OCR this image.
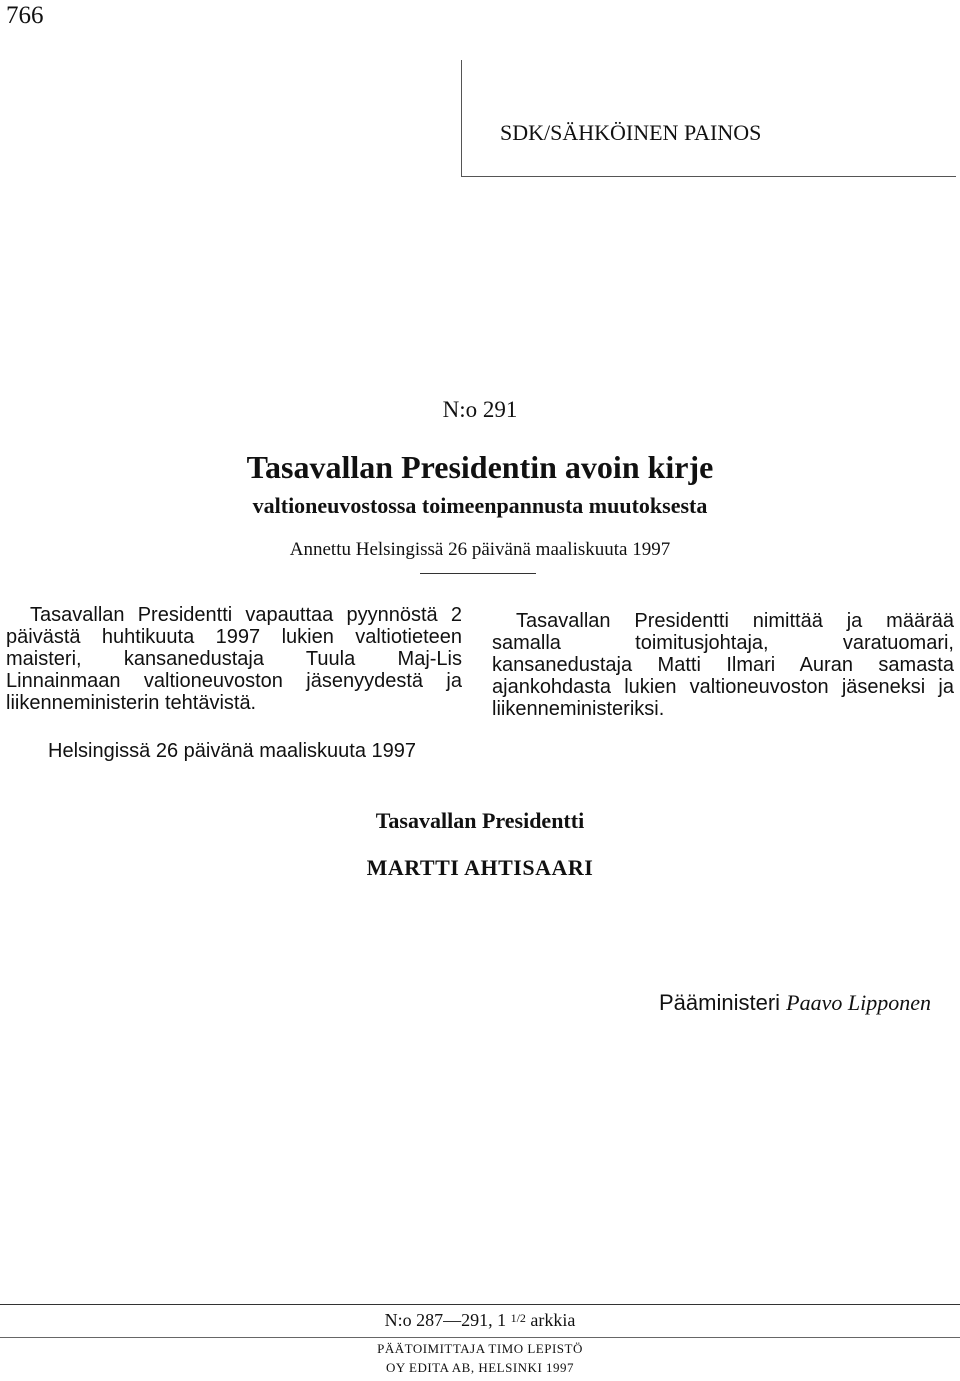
766
SDK/SÄHKÖINEN PAINOS
N:o 291
Tasavallan Presidentin avoin kirje
valtioneuvostossa toimeenpannusta muutoksesta
Annettu Helsingissä 26 päivänä maaliskuuta 1997
Tasavallan Presidentti vapauttaa pyynnöstä 2 päivästä huhtikuuta 1997 lukien valtiotieteen maisteri, kansanedustaja Tuula Maj-Lis Linnainmaan valtioneuvoston jäsenyydestä ja liikenneministerin tehtävistä.
Tasavallan Presidentti nimittää ja määrää samalla toimitusjohtaja, varatuomari, kansanedustaja Matti Ilmari Auran samasta ajankohdasta lukien valtioneuvoston jäseneksi ja liikenneministeriksi.
Helsingissä 26 päivänä maaliskuuta 1997
Tasavallan Presidentti
MARTTI AHTISAARI
Pääministeri Paavo Lipponen
N:o 287—291, 1 $^{1/2}$ arkkia
PÄÄTOIMITTAJA TIMO LEPISTÖ
OY EDITA AB, HELSINKI 1997
